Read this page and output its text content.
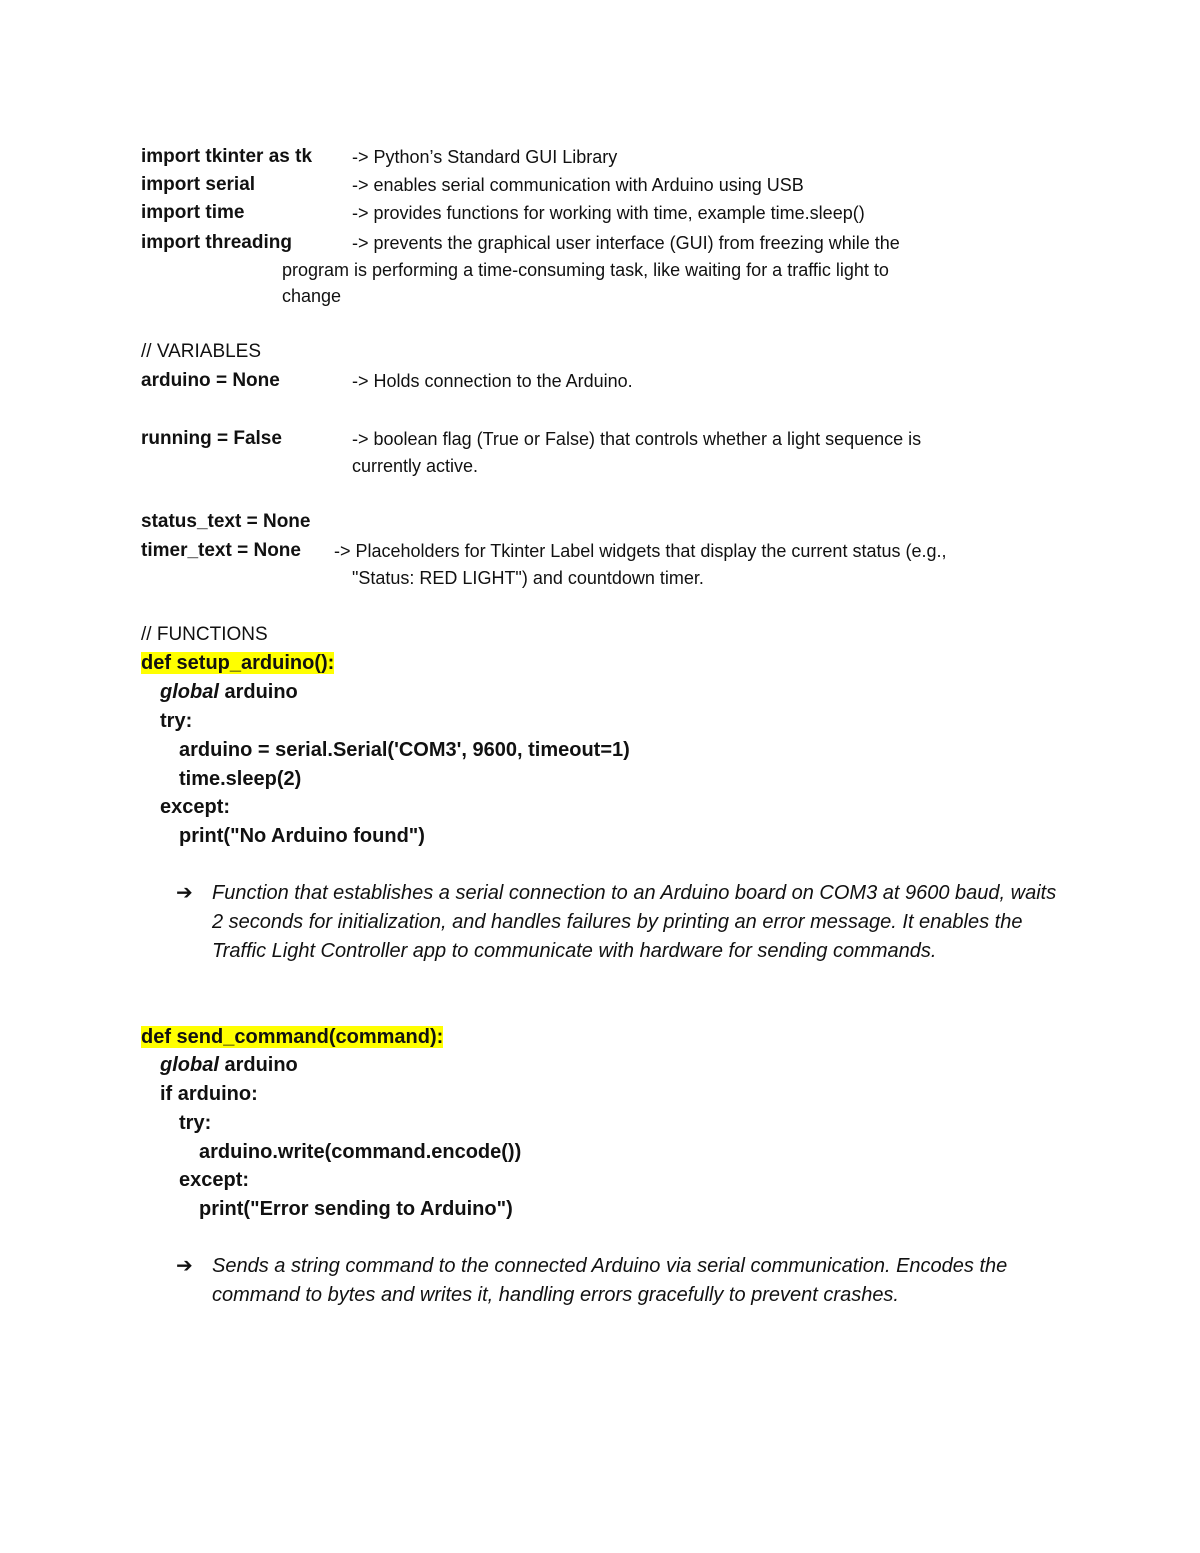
import tkinter as tk -> Python’s Standard GUI Library
import serial	-> enables serial communication with Arduino using USB
import time	-> provides functions for working with time, example time.sleep()
import threading	-> prevents the graphical user interface (GUI) from freezing while the
program is performing a time-consuming task, like waiting for a traffic light to
change
// VARIABLES
arduino = None	-> Holds connection to the Arduino.
running = False	-> boolean flag (True or False) that controls whether a light sequence is
currently active.
status_text = None
timer_text = None -> Placeholders for Tkinter Label widgets that display the current status (e.g.,
"Status: RED LIGHT") and countdown timer.
// FUNCTIONS
def setup_arduino():
global arduino
try:
arduino = serial.Serial('COM3', 9600, timeout=1)
time.sleep(2)
except:
print("No Arduino found")
➔ Function that establishes a serial connection to an Arduino board on COM3 at 9600 baud, waits 2 seconds for initialization, and handles failures by printing an error message. It enables the Traffic Light Controller app to communicate with hardware for sending commands.
def send_command(command):
global arduino
if arduino:
try:
arduino.write(command.encode())
except:
print("Error sending to Arduino")
➔ Sends a string command to the connected Arduino via serial communication. Encodes the command to bytes and writes it, handling errors gracefully to prevent crashes.
